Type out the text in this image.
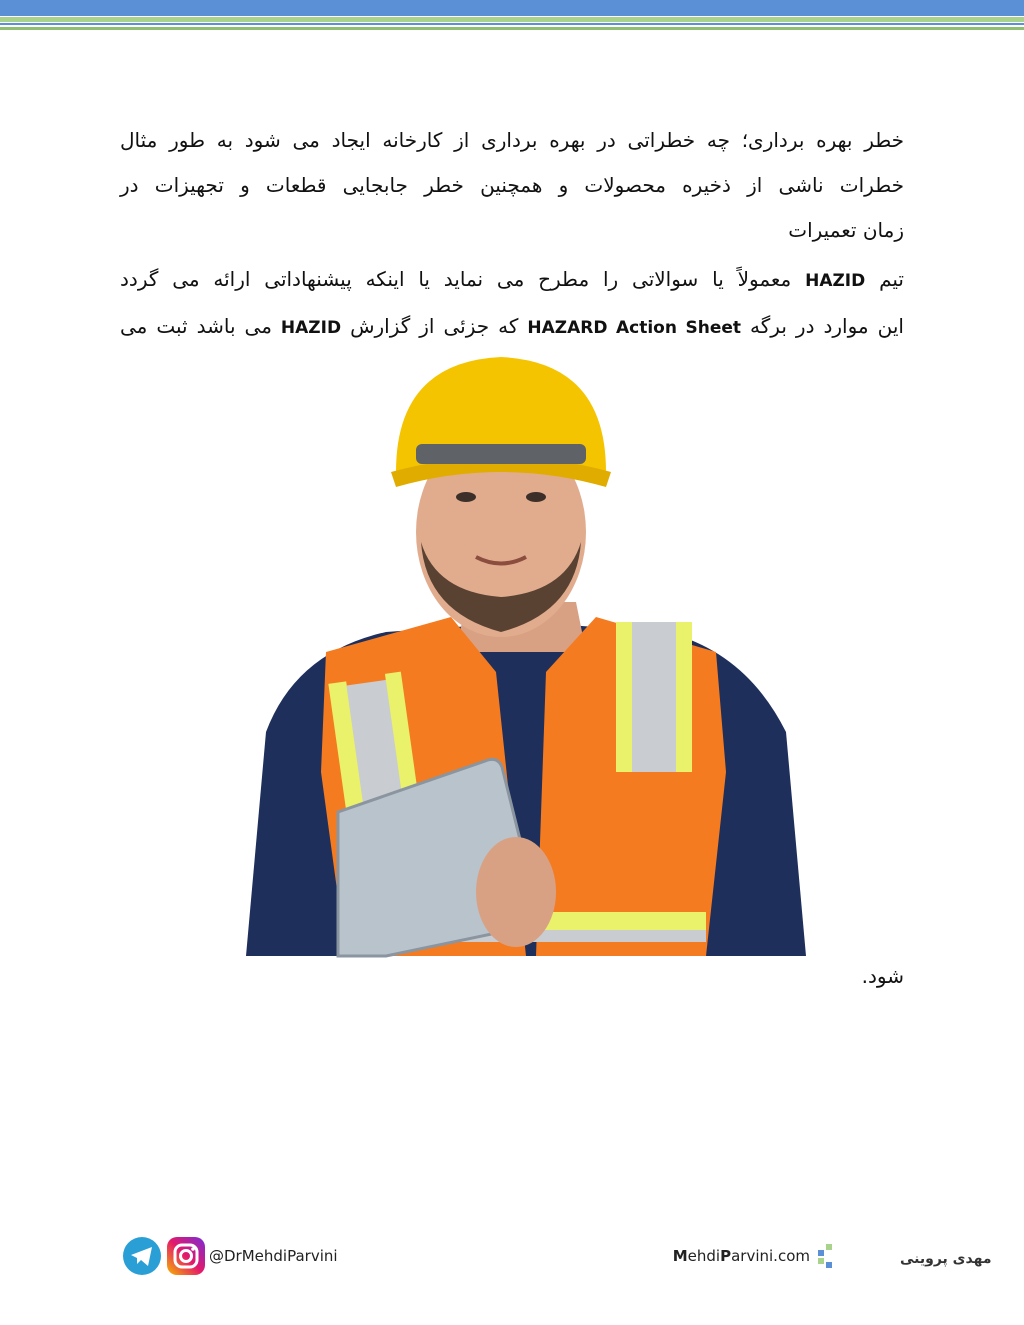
خطر بهره برداری؛ چه خطراتی در بهره برداری از کارخانه ایجاد می شود به طور مثال
خطرات ناشی از ذخیره محصولات و همچنین خطر جابجایی قطعات و تجهیزات در
زمان تعمیرات

تیم HAZID معمولاً یا سوالاتی را مطرح می نماید یا اینکه پیشنهاداتی ارائه می گردد
این موارد در برگه HAZARD Action Sheet که جزئی از گزارش HAZID می باشد ثبت می

شود.
@DrMehdiParvini	MehdiParvini.com	مهدی پروینی
